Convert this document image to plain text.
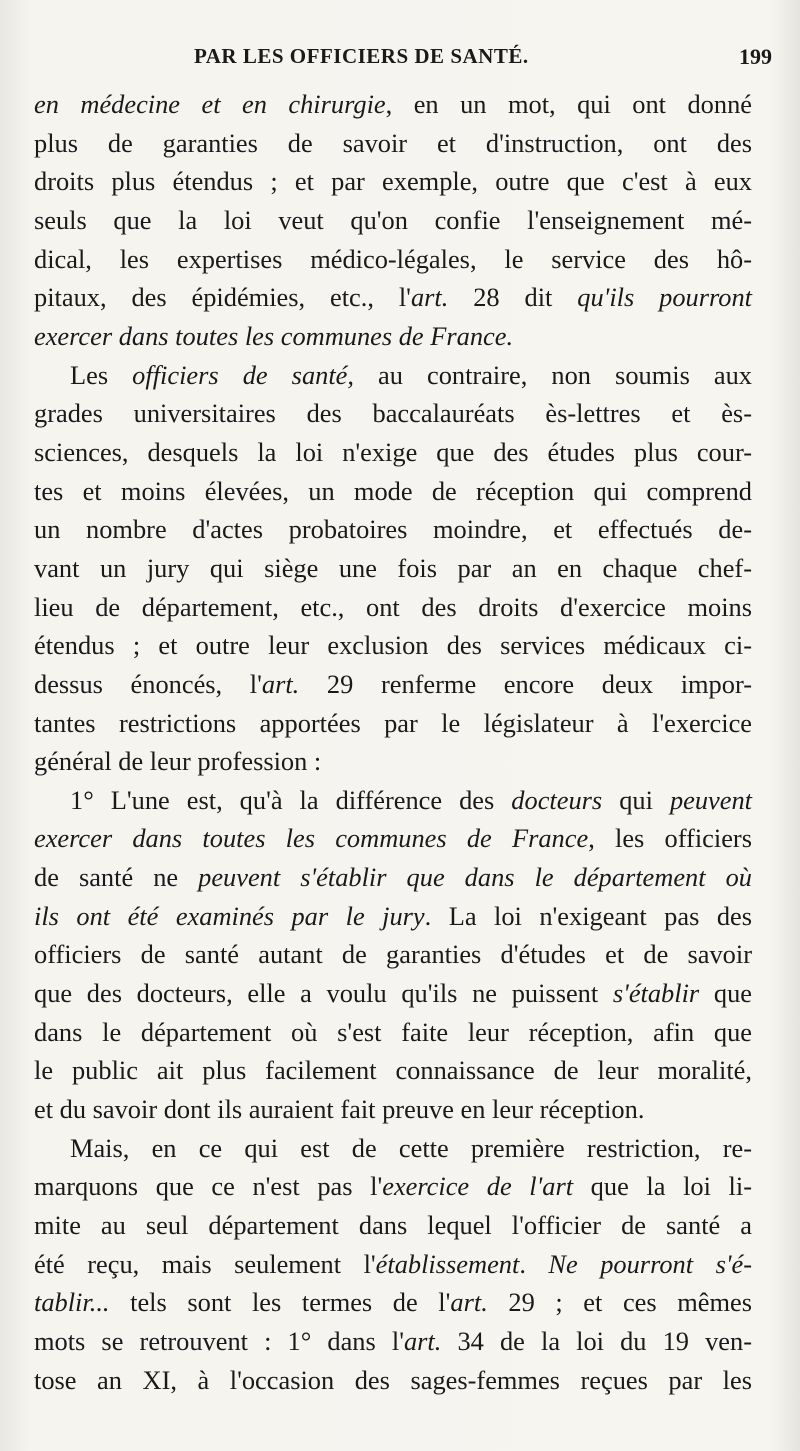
PAR LES OFFICIERS DE SANTÉ.	199
en médecine et en chirurgie, en un mot, qui ont donné
plus de garanties de savoir et d'instruction, ont des
droits plus étendus ; et par exemple, outre que c'est à eux
seuls que la loi veut qu'on confie l'enseignement mé-
dical, les expertises médico-légales, le service des hô-
pitaux, des épidémies, etc., l'art. 28 dit qu'ils pourront
exercer dans toutes les communes de France.
Les officiers de santé, au contraire, non soumis aux
grades universitaires des baccalauréats ès-lettres et ès-
sciences, desquels la loi n'exige que des études plus cour-
tes et moins élevées, un mode de réception qui comprend
un nombre d'actes probatoires moindre, et effectués de-
vant un jury qui siège une fois par an en chaque chef-
lieu de département, etc., ont des droits d'exercice moins
étendus ; et outre leur exclusion des services médicaux ci-
dessus énoncés, l'art. 29 renferme encore deux impor-
tantes restrictions apportées par le législateur à l'exercice
général de leur profession :
1° L'une est, qu'à la différence des docteurs qui peuvent
exercer dans toutes les communes de France, les officiers
de santé ne peuvent s'établir que dans le département où
ils ont été examinés par le jury. La loi n'exigeant pas des
officiers de santé autant de garanties d'études et de savoir
que des docteurs, elle a voulu qu'ils ne puissent s'établir que
dans le département où s'est faite leur réception, afin que
le public ait plus facilement connaissance de leur moralité,
et du savoir dont ils auraient fait preuve en leur réception.
Mais, en ce qui est de cette première restriction, re-
marquons que ce n'est pas l'exercice de l'art que la loi li-
mite au seul département dans lequel l'officier de santé a
été reçu, mais seulement l'établissement. Ne pourront s'é-
tablir... tels sont les termes de l'art. 29 ; et ces mêmes
mots se retrouvent : 1° dans l'art. 34 de la loi du 19 ven-
tose an XI, à l'occasion des sages-femmes reçues par les
